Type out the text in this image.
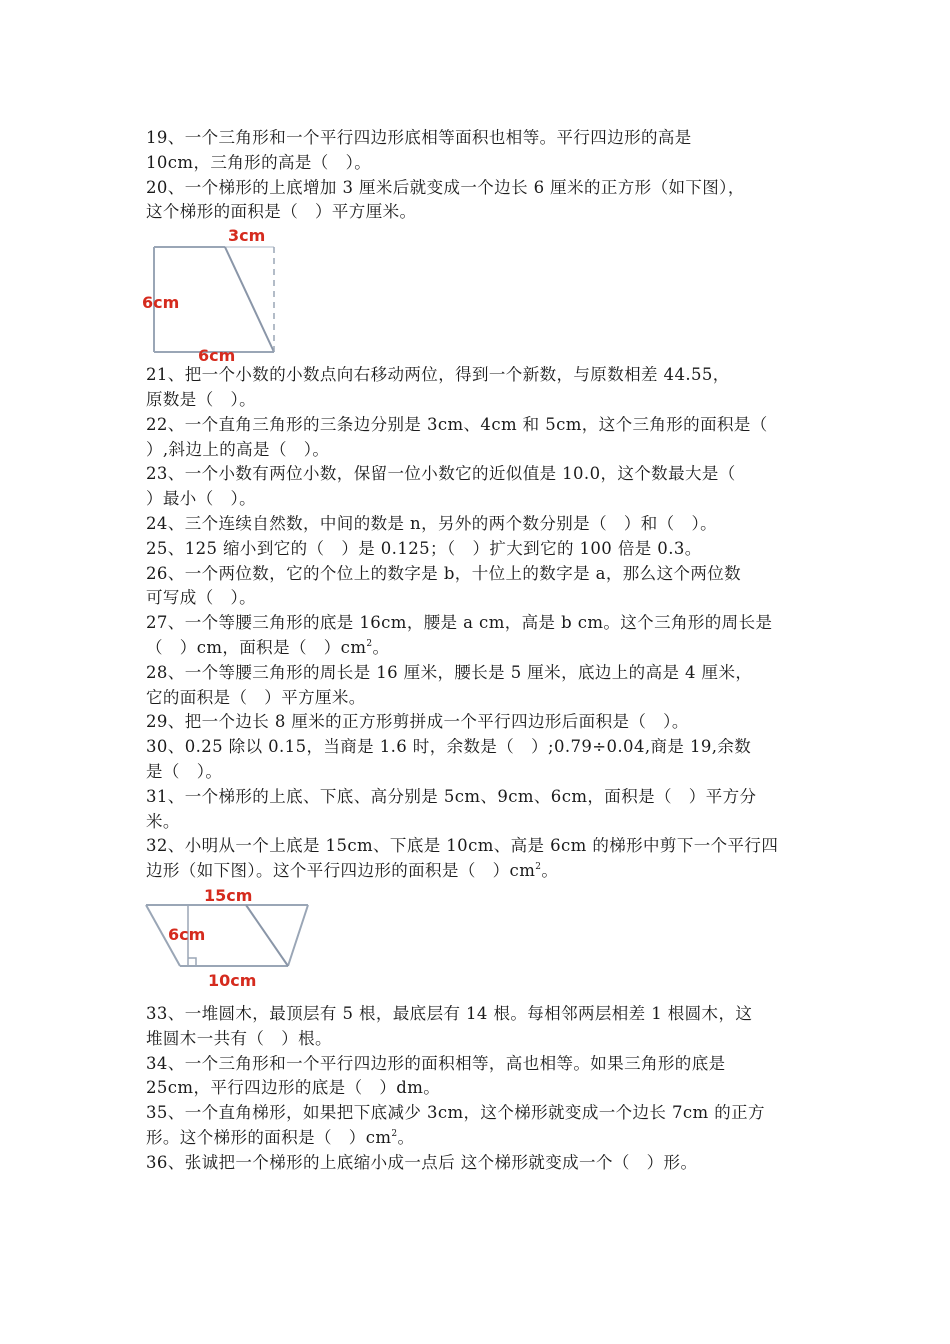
19、一个三角形和一个平行四边形底相等面积也相等。平行四边形的高是
10cm，三角形的高是（　）。
20、一个梯形的上底增加 3 厘米后就变成一个边长 6 厘米的正方形（如下图），
这个梯形的面积是（　）平方厘米。
3cm
6cm
6cm
21、把一个小数的小数点向右移动两位，得到一个新数，与原数相差 44.55，
原数是（　）。
22、一个直角三角形的三条边分别是 3cm、4cm 和 5cm，这个三角形的面积是（
）,斜边上的高是（　）。
23、一个小数有两位小数，保留一位小数它的近似值是 10.0，这个数最大是（
）最小（　）。
24、三个连续自然数，中间的数是 n，另外的两个数分别是（　）和（　）。
25、125 缩小到它的（　）是 0.125；（　）扩大到它的 100 倍是 0.3。
26、一个两位数，它的个位上的数字是 b，十位上的数字是 a，那么这个两位数
可写成（　）。
27、一个等腰三角形的底是 16cm，腰是 a cm，高是 b cm。这个三角形的周长是
（　）cm，面积是（　）$cm^2$。
28、一个等腰三角形的周长是 16 厘米，腰长是 5 厘米，底边上的高是 4 厘米，
它的面积是（　）平方厘米。
29、把一个边长 8 厘米的正方形剪拼成一个平行四边形后面积是（　）。
30、0.25 除以 0.15，当商是 1.6 时，余数是（　）;0.79÷0.04,商是 19,余数
是（　）。
31、一个梯形的上底、下底、高分别是 5cm、9cm、6cm，面积是（　）平方分
米。
32、小明从一个上底是 15cm、下底是 10cm、高是 6cm 的梯形中剪下一个平行四
边形（如下图）。这个平行四边形的面积是（　）$cm^2$。
15cm
6cm
10cm
33、一堆圆木，最顶层有 5 根，最底层有 14 根。每相邻两层相差 1 根圆木，这
堆圆木一共有（　）根。
34、一个三角形和一个平行四边形的面积相等，高也相等。如果三角形的底是
25cm，平行四边形的底是（　）dm。
35、一个直角梯形，如果把下底减少 3cm，这个梯形就变成一个边长 7cm 的正方
形。这个梯形的面积是（　）$cm^2$。
36、张诚把一个梯形的上底缩小成一点后 这个梯形就变成一个（　）形。
